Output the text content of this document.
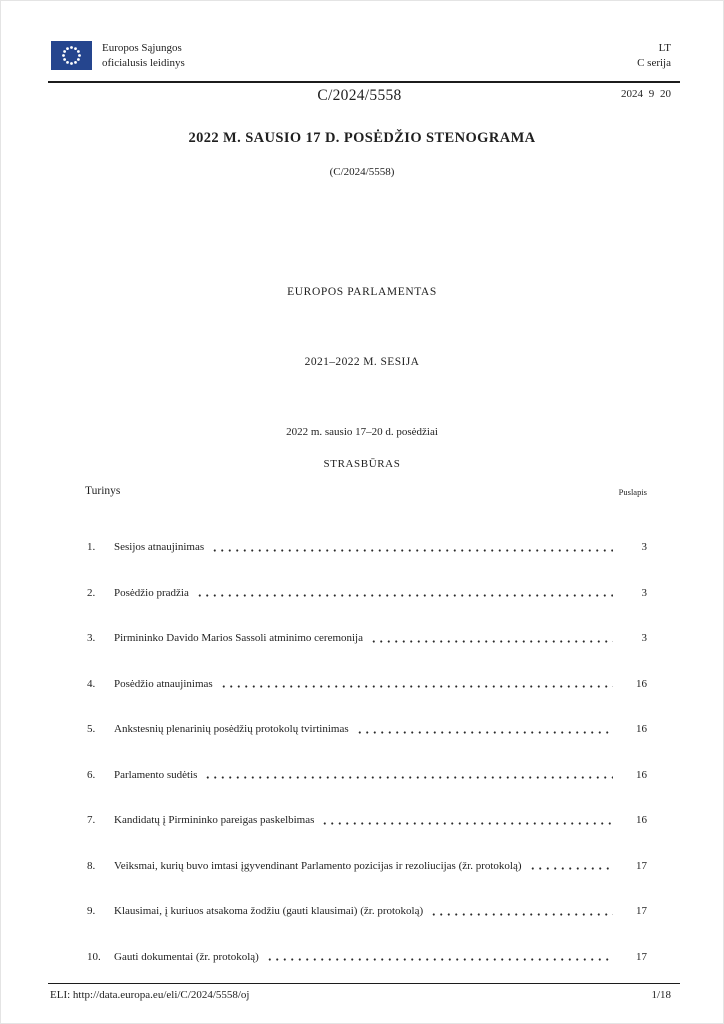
Europos Sąjungos
oficialusis leidinys
LT
C serija
C/2024/5558	2024 9 20
2022 M. SAUSIO 17 D. POSĖDŽIO STENOGRAMA
(C/2024/5558)
EUROPOS PARLAMENTAS
2021–2022 M. SESIJA
2022 m. sausio 17–20 d. posėdžiai
STRASBŪRAS
Turinys	Puslapis
1.	Sesijos atnaujinimas	3
2.	Posėdžio pradžia	3
3.	Pirmininko Davido Marios Sassoli atminimo ceremonija	3
4.	Posėdžio atnaujinimas	16
5.	Ankstesnių plenarinių posėdžių protokolų tvirtinimas	16
6.	Parlamento sudėtis	16
7.	Kandidatų į Pirmininko pareigas paskelbimas	16
8.	Veiksmai, kurių buvo imtasi įgyvendinant Parlamento pozicijas ir rezoliucijas (žr. protokolą)	17
9.	Klausimai, į kuriuos atsakoma žodžiu (gauti klausimai) (žr. protokolą)	17
10.	Gauti dokumentai (žr. protokolą)	17
ELI: http://data.europa.eu/eli/C/2024/5558/oj	1/18
